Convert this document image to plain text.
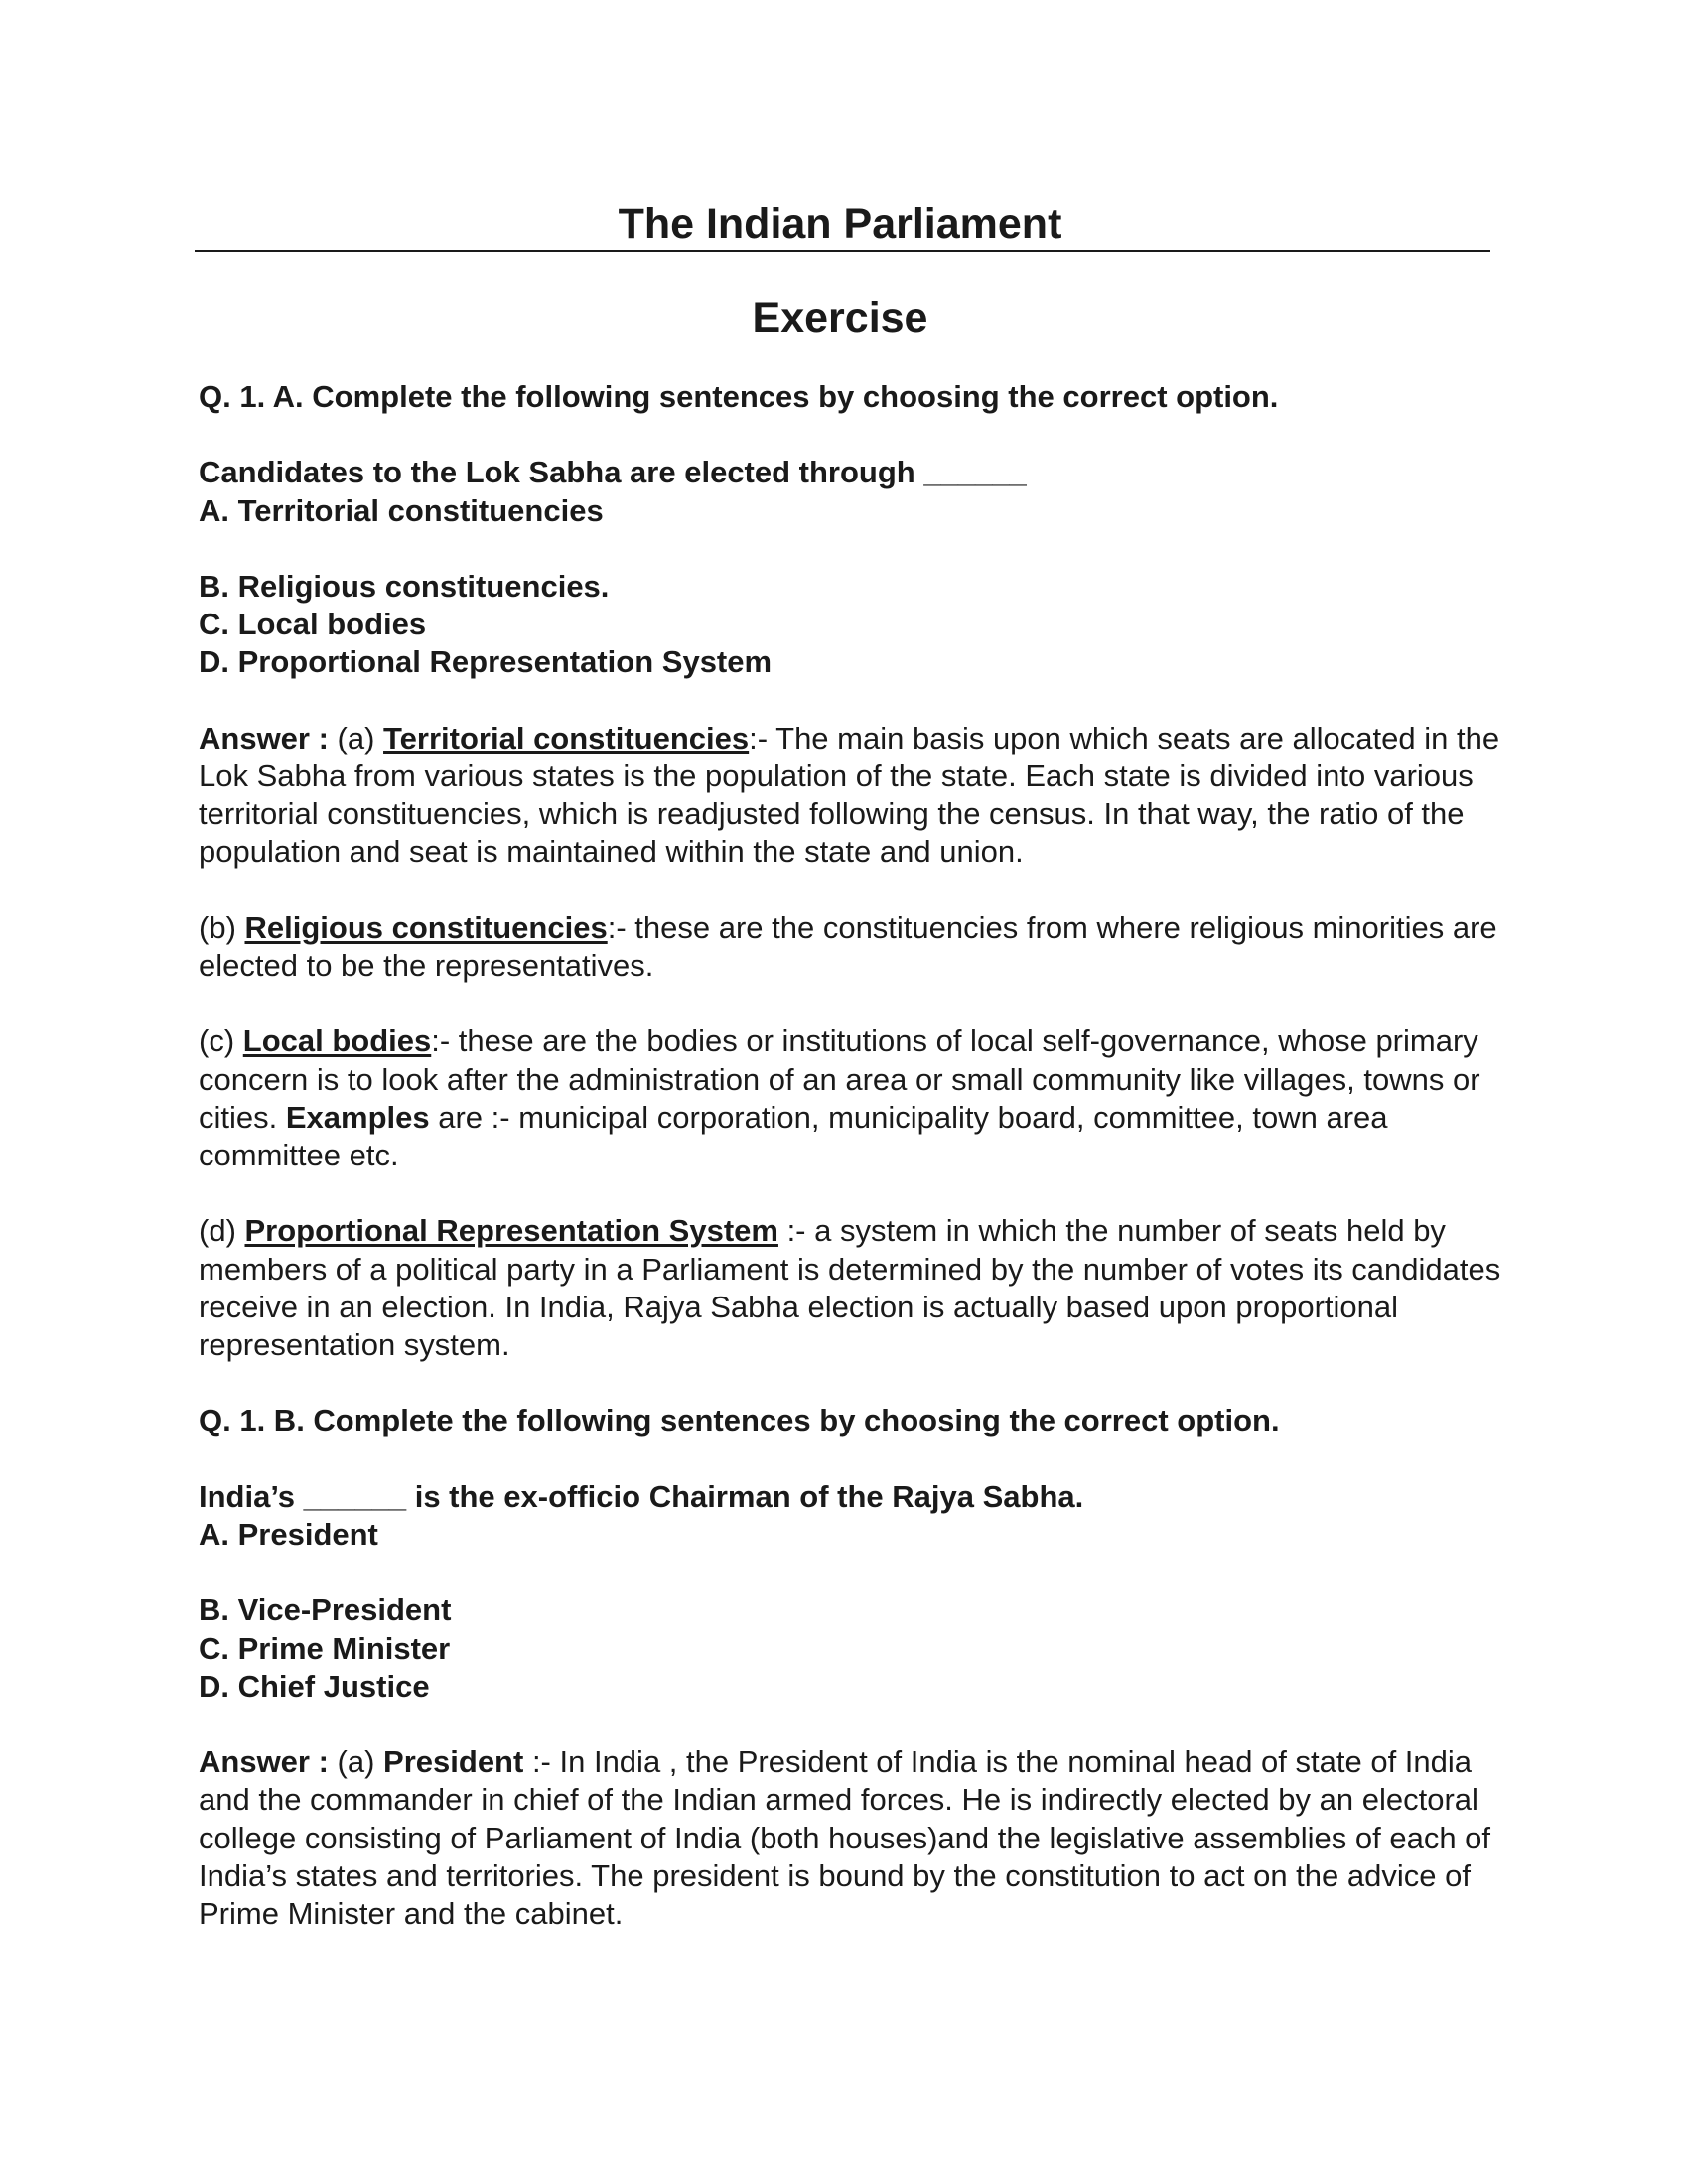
The Indian Parliament
Exercise

Q. 1. A. Complete the following sentences by choosing the correct option.

Candidates to the Lok Sabha are elected through ______

A. Territorial constituencies

B. Religious constituencies.

C. Local bodies

D. Proportional Representation System

Answer : (a) Territorial constituencies:- The main basis upon which seats are allocated in the Lok Sabha from various states is the population of the state. Each state is divided into various territorial constituencies, which is readjusted following the census. In that way, the ratio of the population and seat is maintained within the state and union.

(b) Religious constituencies:- these are the constituencies from where religious minorities are elected to be the representatives.

(c) Local bodies:- these are the bodies or institutions of local self-governance, whose primary concern is to look after the administration of an area or small community like villages, towns or cities. Examples are :- municipal corporation, municipality board, committee, town area committee etc.

(d) Proportional Representation System :- a system in which the number of seats held by members of a political party in a Parliament is determined by the number of votes its candidates receive in an election. In India, Rajya Sabha election is actually based upon proportional representation system.

Q. 1. B. Complete the following sentences by choosing the correct option.

India’s ______ is the ex-officio Chairman of the Rajya Sabha.

A. President

B. Vice-President

C. Prime Minister

D. Chief Justice

Answer : (a) President :- In India , the President of India is the nominal head of state of India and the commander in chief of the Indian armed forces. He is indirectly elected by an electoral college consisting of Parliament of India (both houses)and the legislative assemblies of each of India’s states and territories. The president is bound by the constitution to act on the advice of Prime Minister and the cabinet.
